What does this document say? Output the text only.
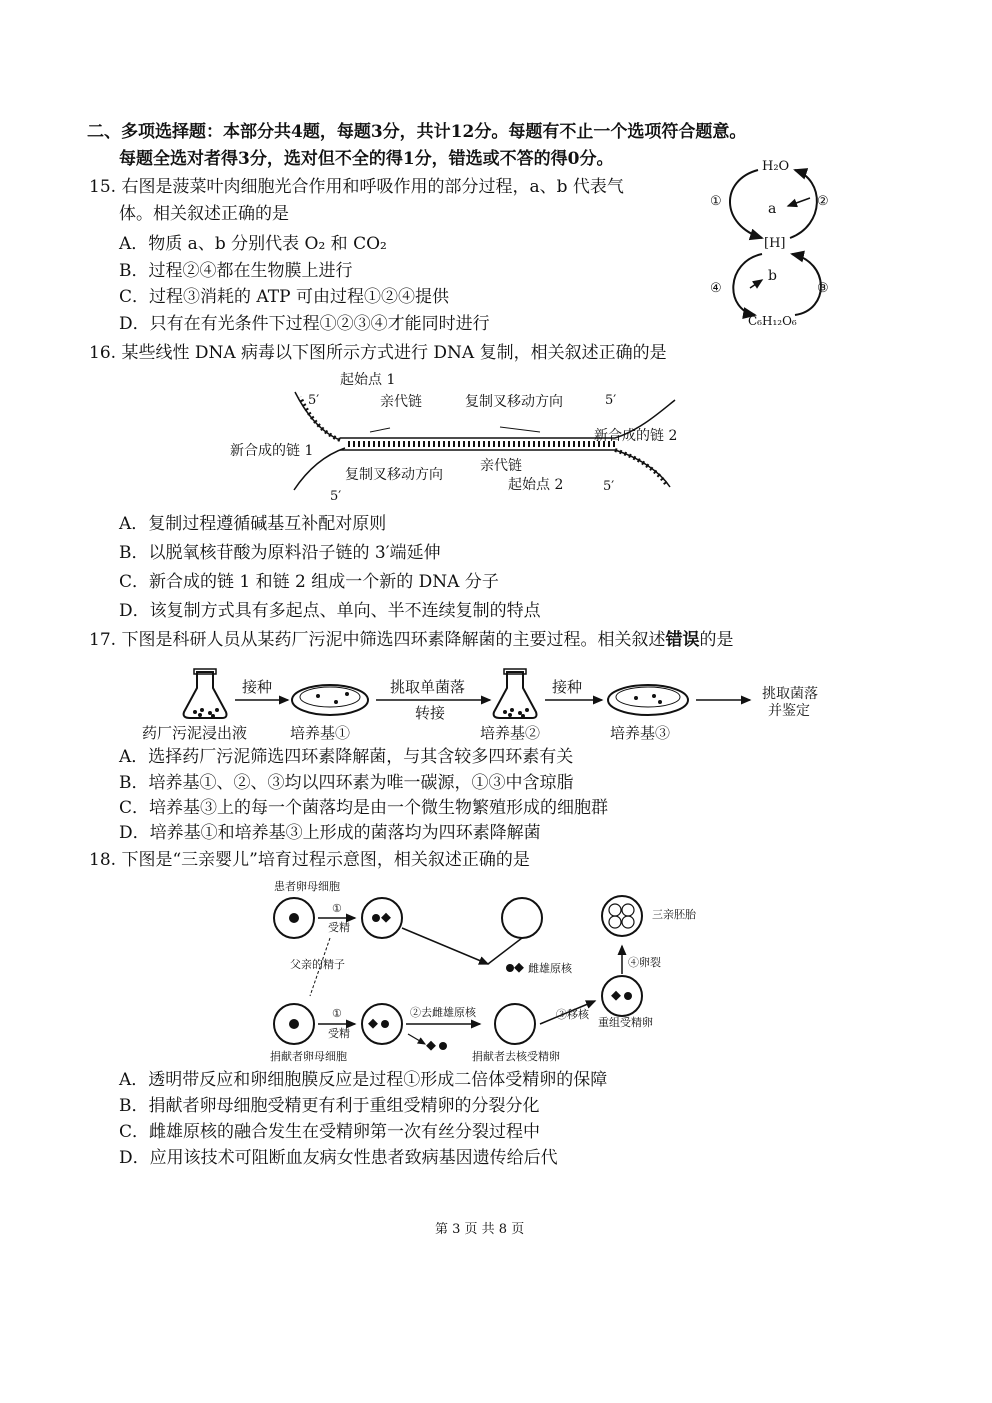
二、多项选择题：本部分共4题，每题3分，共计12分。每题有不止一个选项符合题意。
每题全选对者得3分，选对但不全的得1分，错选或不答的得0分。
15. 右图是菠菜叶肉细胞光合作用和呼吸作用的部分过程，a、b 代表气
体。相关叙述正确的是
A．物质 a、b 分别代表 O₂ 和 CO₂
B．过程②④都在生物膜上进行
C．过程③消耗的 ATP 可由过程①②④提供
D．只有在有光条件下过程①②③④才能同时进行
H₂O
a
①	②
[H]
b
④	③
C₆H₁₂O₆
16. 某些线性 DNA 病毒以下图所示方式进行 DNA 复制，相关叙述正确的是
起始点 1
5′	亲代链	复制叉移动方向	5′
新合成的链 2
新合成的链 1
复制叉移动方向
亲代链
起始点 2
5′
5′
A．复制过程遵循碱基互补配对原则
B．以脱氧核苷酸为原料沿子链的 3′端延伸
C．新合成的链 1 和链 2 组成一个新的 DNA 分子
D．该复制方式具有多起点、单向、半不连续复制的特点
17. 下图是科研人员从某药厂污泥中筛选四环素降解菌的主要过程。相关叙述错误的是
接种	挑取单菌落
转接
接种	挑取菌落
并鉴定
药厂污泥浸出液	培养基①	培养基②	培养基③
A．选择药厂污泥筛选四环素降解菌，与其含较多四环素有关
B．培养基①、②、③均以四环素为唯一碳源，①③中含琼脂
C．培养基③上的每一个菌落均是由一个微生物繁殖形成的细胞群
D．培养基①和培养基③上形成的菌落均为四环素降解菌
18. 下图是“三亲婴儿”培育过程示意图，相关叙述正确的是
患者卵母细胞
①
受精
雌雄原核
父亲的精子
①
受精
捐献者卵母细胞
②去雌雄原核
捐献者去核受精卵
③移核
重组受精卵
④卵裂
三亲胚胎
A．透明带反应和卵细胞膜反应是过程①形成二倍体受精卵的保障
B．捐献者卵母细胞受精更有利于重组受精卵的分裂分化
C．雌雄原核的融合发生在受精卵第一次有丝分裂过程中
D．应用该技术可阻断血友病女性患者致病基因遗传给后代
第 3 页 共 8 页
